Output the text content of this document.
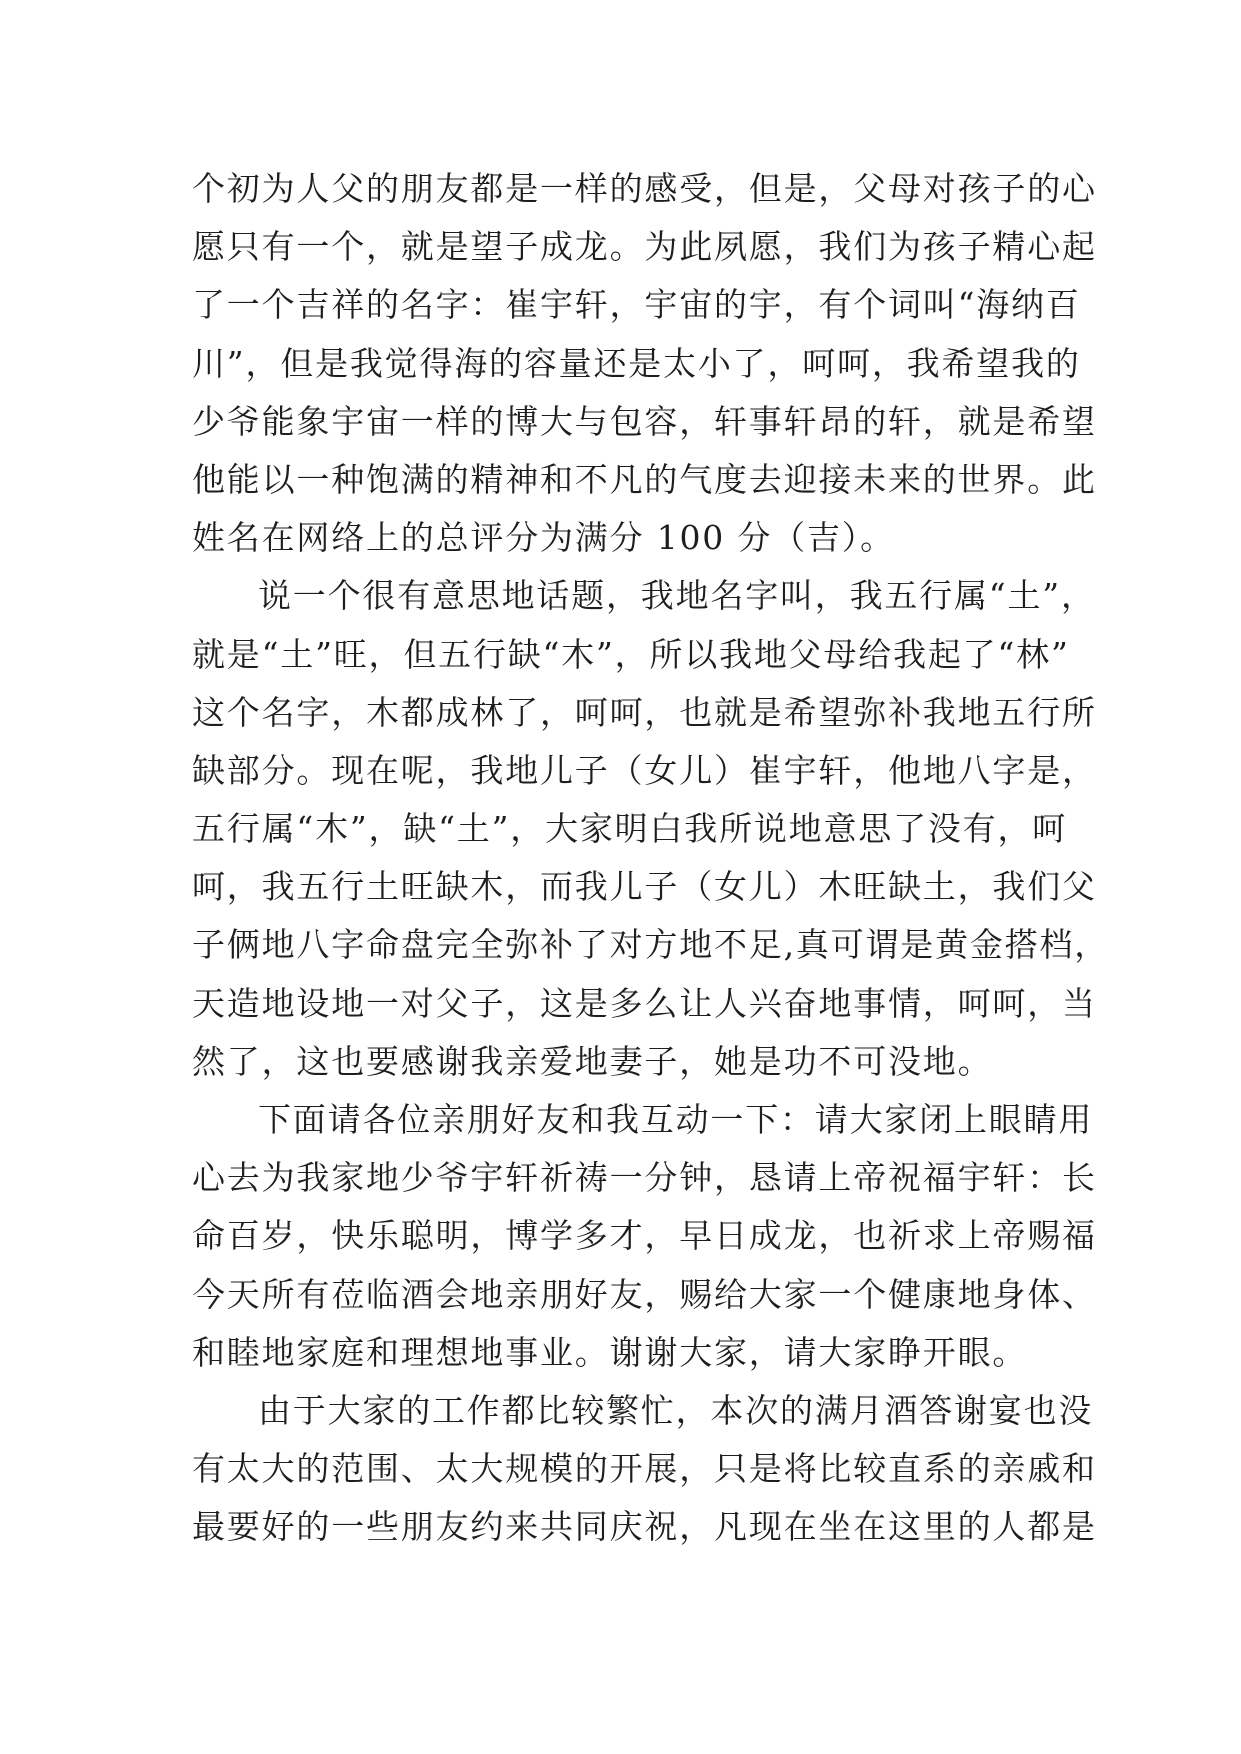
个初为人父的朋友都是一样的感受，但是，父母对孩子的心
愿只有一个，就是望子成龙。为此夙愿，我们为孩子精心起
了一个吉祥的名字：崔宇轩，宇宙的宇，有个词叫“海纳百
川”，但是我觉得海的容量还是太小了，呵呵，我希望我的
少爷能象宇宙一样的博大与包容，轩事轩昂的轩，就是希望
他能以一种饱满的精神和不凡的气度去迎接未来的世界。此
姓名在网络上的总评分为满分 100 分（吉）。
说一个很有意思地话题，我地名字叫，我五行属“土”，
就是“土”旺，但五行缺“木”，所以我地父母给我起了“林”
这个名字，木都成林了，呵呵，也就是希望弥补我地五行所
缺部分。现在呢，我地儿子（女儿）崔宇轩，他地八字是，
五行属“木”，缺“土”，大家明白我所说地意思了没有，呵
呵，我五行土旺缺木，而我儿子（女儿）木旺缺土，我们父
子俩地八字命盘完全弥补了对方地不足,真可谓是黄金搭档，
天造地设地一对父子，这是多么让人兴奋地事情，呵呵，当
然了，这也要感谢我亲爱地妻子，她是功不可没地。
下面请各位亲朋好友和我互动一下：请大家闭上眼睛用
心去为我家地少爷宇轩祈祷一分钟，恳请上帝祝福宇轩：长
命百岁，快乐聪明，博学多才，早日成龙，也祈求上帝赐福
今天所有莅临酒会地亲朋好友，赐给大家一个健康地身体、
和睦地家庭和理想地事业。谢谢大家，请大家睁开眼。
由于大家的工作都比较繁忙，本次的满月酒答谢宴也没
有太大的范围、太大规模的开展，只是将比较直系的亲戚和
最要好的一些朋友约来共同庆祝，凡现在坐在这里的人都是
